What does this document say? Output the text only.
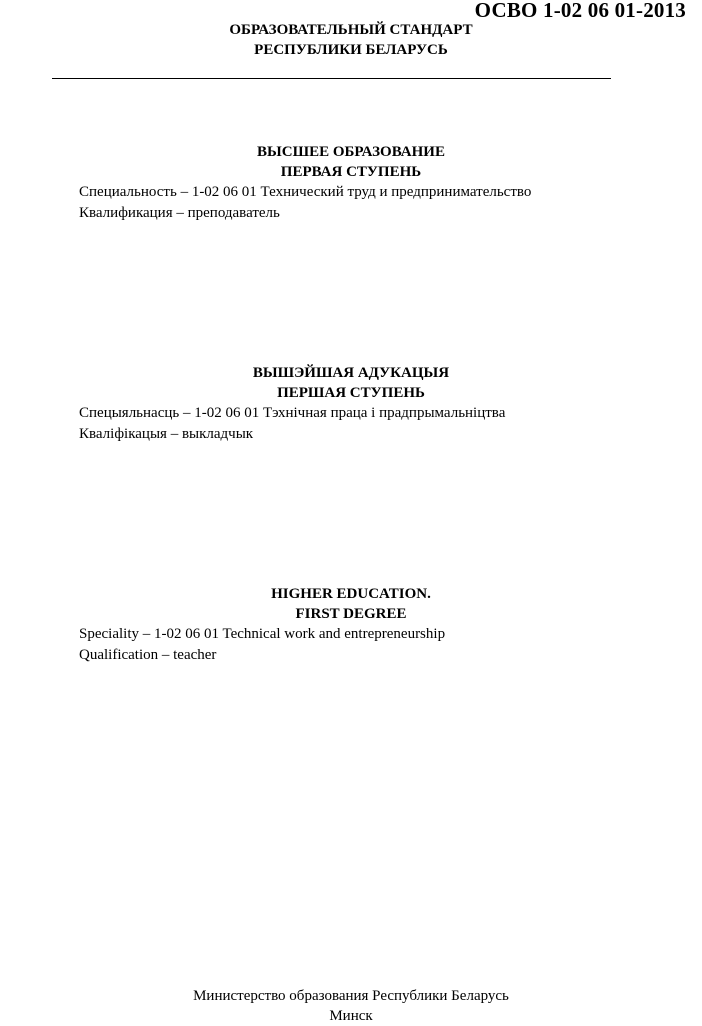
ОСВО 1-02 06 01-2013
ОБРАЗОВАТЕЛЬНЫЙ СТАНДАРТ
РЕСПУБЛИКИ БЕЛАРУСЬ
ВЫСШЕЕ ОБРАЗОВАНИЕ
ПЕРВАЯ СТУПЕНЬ
Специальность – 1-02 06 01 Технический труд и предпринимательство
Квалификация – преподаватель
ВЫШЭЙШАЯ АДУКАЦЫЯ
ПЕРШАЯ СТУПЕНЬ
Спецыяльнасць – 1-02 06 01 Тэхнічная праца і прадпрымальніцтва
Кваліфікацыя – выкладчык
HIGHER EDUCATION.
FIRST DEGREE
Speciality – 1-02 06 01 Technical work and entrepreneurship
Qualification – teacher
Министерство образования Республики Беларусь
Минск
